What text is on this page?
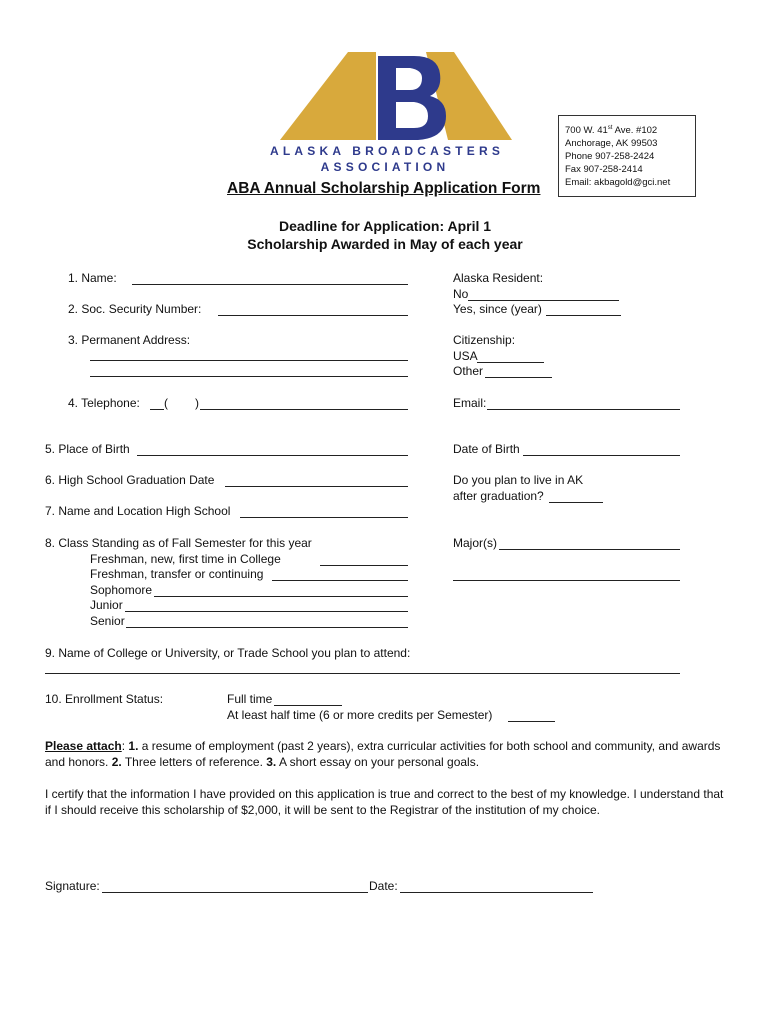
ALASKA BROADCASTERS
ASSOCIATION
700 W. 41st Ave. #102
Anchorage, AK 99503
Phone 907-258-2424
Fax 907-258-2414
Email: akbagold@gci.net
ABA Annual Scholarship Application Form
Deadline for Application: April 1
Scholarship Awarded in May of each year
1. Name:
2. Soc. Security Number:
3. Permanent Address:
4. Telephone: ( )
5. Place of Birth
6. High School Graduation Date
7. Name and Location High School
8. Class Standing as of Fall Semester for this year
Freshman, new, first time in College
Freshman, transfer or continuing
Sophomore
Junior
Senior
Alaska Resident:
No
Yes, since (year)
Citizenship:
USA
Other
Email:
Date of Birth
Do you plan to live in AK
after graduation?
Major(s)
9. Name of College or University, or Trade School you plan to attend:
10. Enrollment Status:	Full time
At least half time (6 or more credits per Semester)
Please attach: 1. a resume of employment (past 2 years), extra curricular activities for both school and community, and awards and honors. 2. Three letters of reference. 3. A short essay on your personal goals.
I certify that the information I have provided on this application is true and correct to the best of my knowledge. I understand that if I should receive this scholarship of $2,000, it will be sent to the Registrar of the institution of my choice.
Signature:	Date:
